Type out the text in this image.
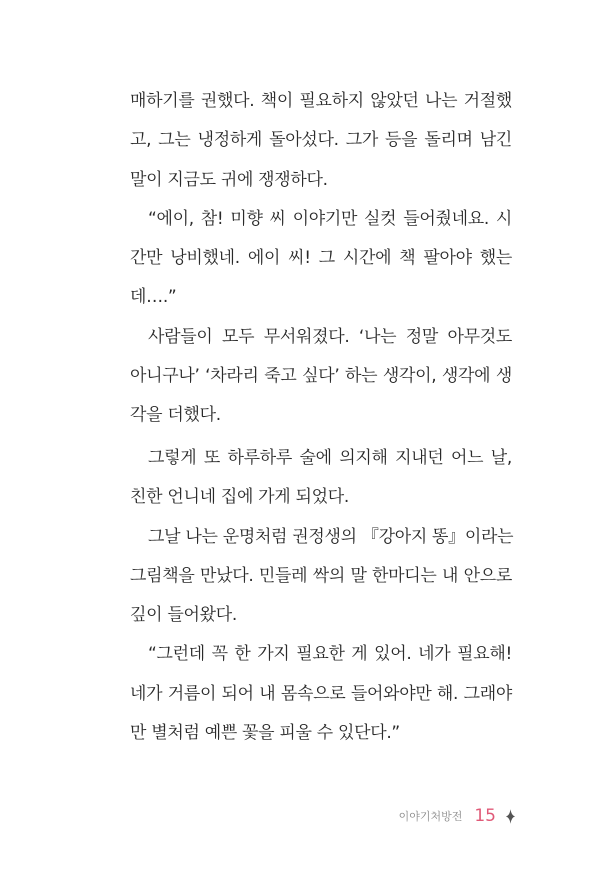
매하기를 권했다. 책이 필요하지 않았던 나는 거절했
고, 그는 냉정하게 돌아섰다. 그가 등을 돌리며 남긴
말이 지금도 귀에 쟁쟁하다.
“에이, 참! 미향 씨 이야기만 실컷 들어줬네요. 시
간만 낭비했네. 에이 씨! 그 시간에 책 팔아야 했는
데….”
사람들이 모두 무서워졌다. ‘나는 정말 아무것도
아니구나’ ‘차라리 죽고 싶다’ 하는 생각이, 생각에 생
각을 더했다.
그렇게 또 하루하루 술에 의지해 지내던 어느 날,
친한 언니네 집에 가게 되었다.
그날 나는 운명처럼 권정생의 『강아지 똥』이라는
그림책을 만났다. 민들레 싹의 말 한마디는 내 안으로
깊이 들어왔다.
“그런데 꼭 한 가지 필요한 게 있어. 네가 필요해!
네가 거름이 되어 내 몸속으로 들어와야만 해. 그래야
만 별처럼 예쁜 꽃을 피울 수 있단다.”
이야기처방전 15
